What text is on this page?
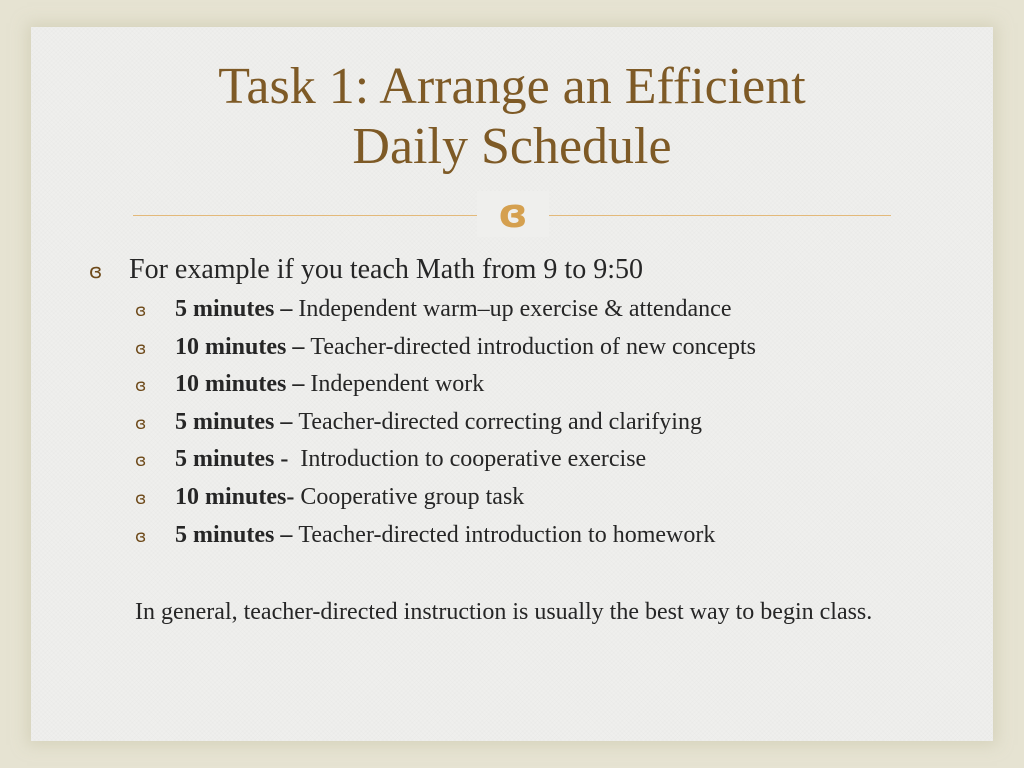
Task 1: Arrange an Efficient
Daily Schedule
ɞ
ɞ For example if you teach Math from 9 to 9:50
ɞ	5 minutes – Independent warm–up exercise & attendance
ɞ	10 minutes – Teacher-directed introduction of new concepts
ɞ	10 minutes – Independent work
ɞ	5 minutes – Teacher-directed correcting and clarifying
ɞ	5 minutes - Introduction to cooperative exercise
ɞ	10 minutes- Cooperative group task
ɞ	5 minutes – Teacher-directed introduction to homework

In general, teacher-directed instruction is usually the best way to begin class.
